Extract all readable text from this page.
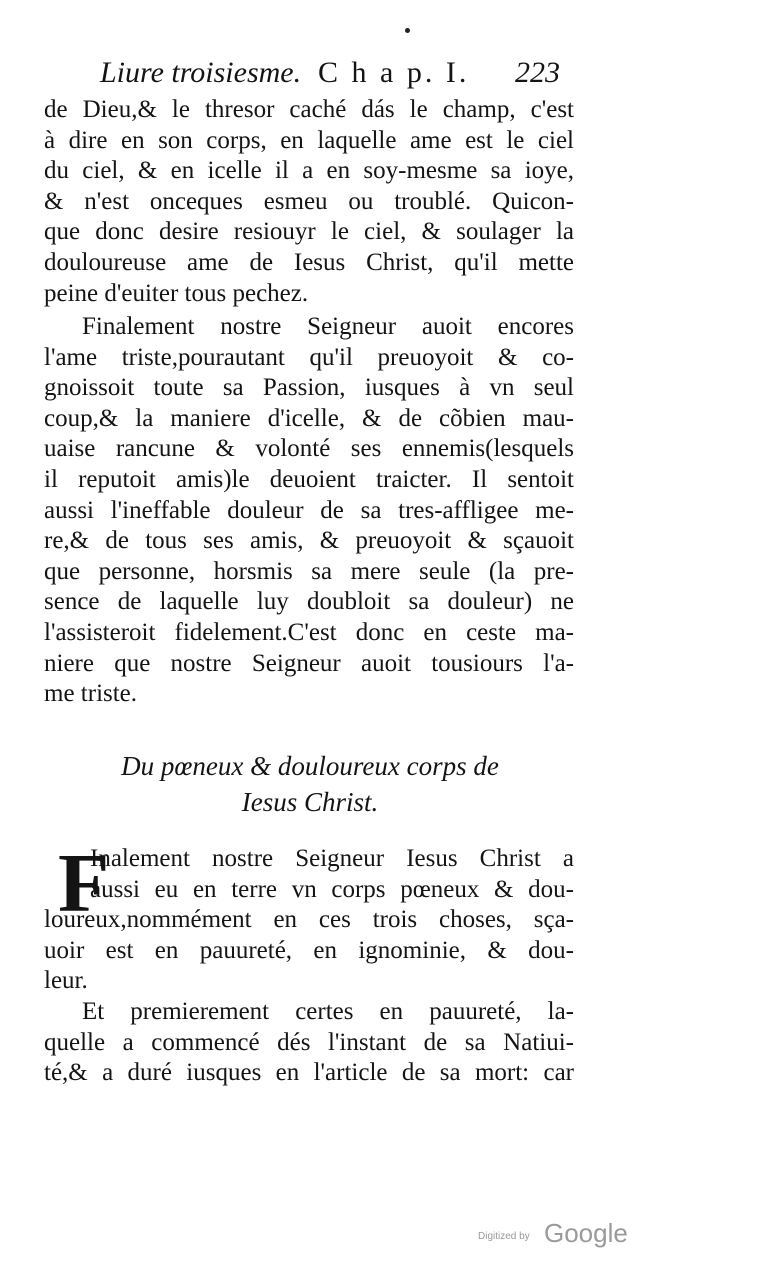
Liure troisiesme. C h a p. I. 223
de Dieu,& le thresor caché dás le champ, c'est
à dire en son corps, en laquelle ame est le ciel
du ciel, & en icelle il a en soy-mesme sa ioye,
& n'est onceques esmeu ou troublé. Quicon-
que donc desire resiouyr le ciel, & soulager la
douloureuse ame de Iesus Christ, qu'il mette
peine d'euiter tous pechez.
Finalement nostre Seigneur auoit encores
l'ame triste,pourautant qu'il preuoyoit & co-
gnoissoit toute sa Passion, iusques à vn seul
coup,& la maniere d'icelle, & de cõbien mau-
uaise rancune & volonté ses ennemis(lesquels
il reputoit amis)le deuoient traicter. Il sentoit
aussi l'ineffable douleur de sa tres-affligee me-
re,& de tous ses amis, & preuoyoit & sçauoit
que personne, horsmis sa mere seule (la pre-
sence de laquelle luy doubloit sa douleur) ne
l'assisteroit fidelement.C'est donc en ceste ma-
niere que nostre Seigneur auoit tousiours l'a-
me triste.
Du pœneux & douloureux corps de
Iesus Christ.
F
Inalement nostre Seigneur Iesus Christ a
aussi eu en terre vn corps pœneux & dou-
loureux,nommément en ces trois choses, sça-
uoir est en pauureté, en ignominie, & dou-
leur.
Et premierement certes en pauureté, la-
quelle a commencé dés l'instant de sa Natiui-
té,& a duré iusques en l'article de sa mort: car
Digitized by Google
